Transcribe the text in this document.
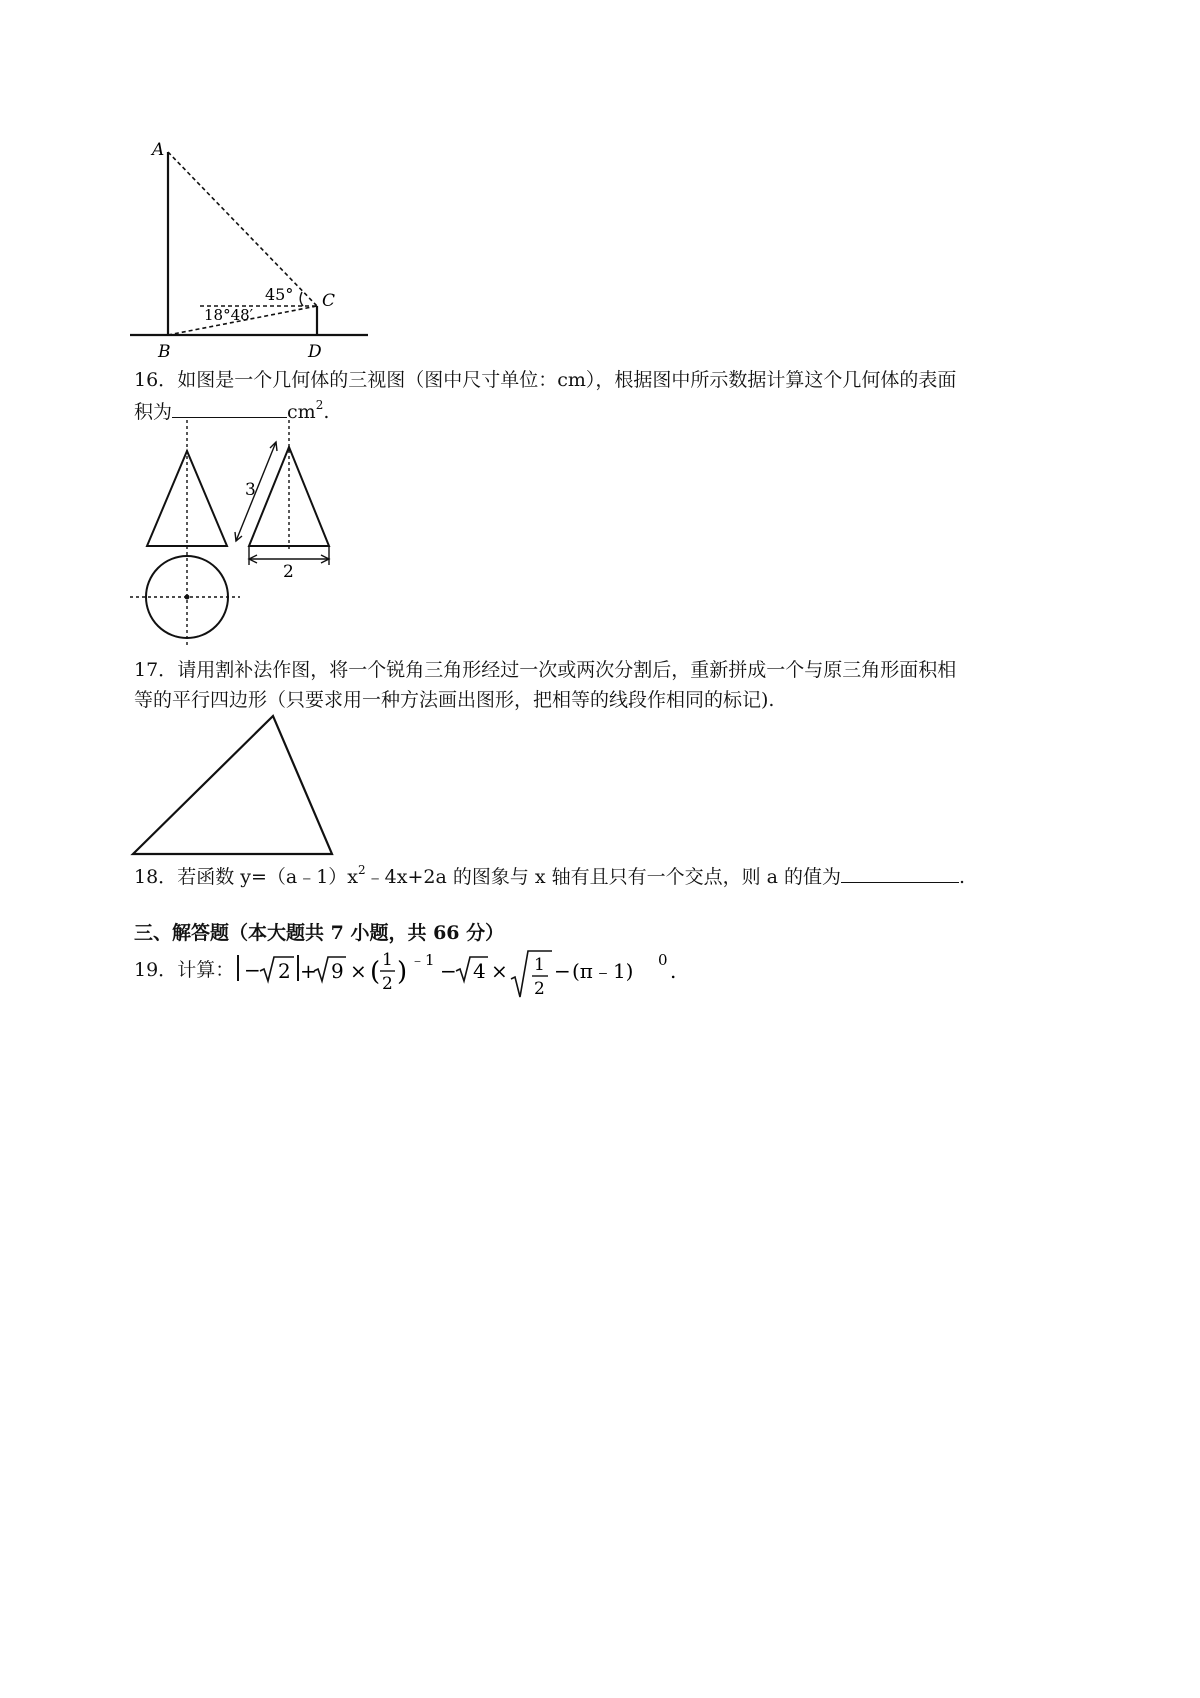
A
B
C
D
45°
18°48′
16．如图是一个几何体的三视图（图中尺寸单位：cm），根据图中所示数据计算这个几何体的表面
积为	$cm^2$.
3
2
17．请用割补法作图，将一个锐角三角形经过一次或两次分割后，重新拼成一个与原三角形面积相
等的平行四边形（只要求用一种方法画出图形，把相等的线段作相同的标记).
18．若函数 $y=(a﹣1)x^2﹣4x+2a$ 的图象与 x 轴有且只有一个交点，则 a 的值为	.
三、解答题（本大题共 7 小题，共 66 分）
19．计算： − 2 + 9 × ( 1
2 ) ﹣1 − 4 × 1
2
− (π﹣1) 0 .
